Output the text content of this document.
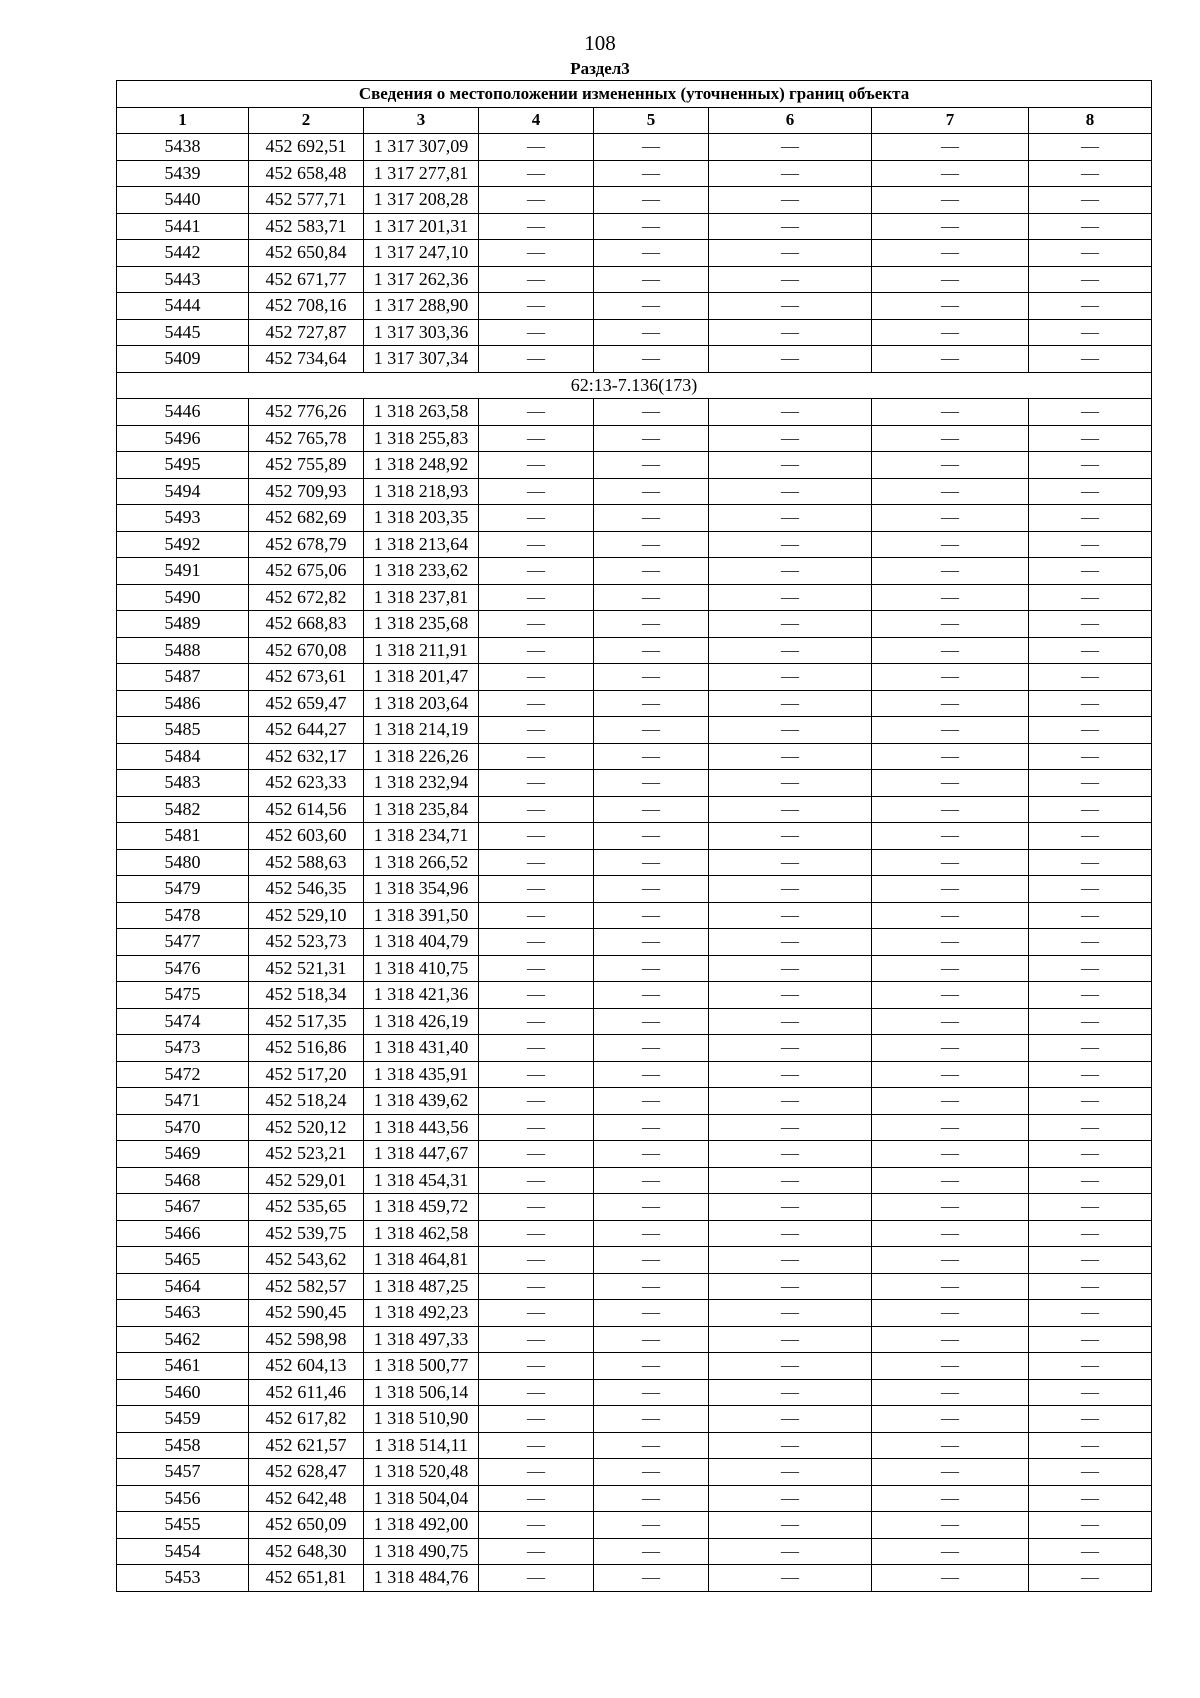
108
Раздел3
Сведения о местоположении измененных (уточненных) границ объекта							
1	2	3	4	5	6	7	8
5438	452 692,51	1 317 307,09	—	—	—	—	—
5439	452 658,48	1 317 277,81	—	—	—	—	—
5440	452 577,71	1 317 208,28	—	—	—	—	—
5441	452 583,71	1 317 201,31	—	—	—	—	—
5442	452 650,84	1 317 247,10	—	—	—	—	—
5443	452 671,77	1 317 262,36	—	—	—	—	—
5444	452 708,16	1 317 288,90	—	—	—	—	—
5445	452 727,87	1 317 303,36	—	—	—	—	—
5409	452 734,64	1 317 307,34	—	—	—	—	—
62:13-7.136(173)							
5446	452 776,26	1 318 263,58	—	—	—	—	—
5496	452 765,78	1 318 255,83	—	—	—	—	—
5495	452 755,89	1 318 248,92	—	—	—	—	—
5494	452 709,93	1 318 218,93	—	—	—	—	—
5493	452 682,69	1 318 203,35	—	—	—	—	—
5492	452 678,79	1 318 213,64	—	—	—	—	—
5491	452 675,06	1 318 233,62	—	—	—	—	—
5490	452 672,82	1 318 237,81	—	—	—	—	—
5489	452 668,83	1 318 235,68	—	—	—	—	—
5488	452 670,08	1 318 211,91	—	—	—	—	—
5487	452 673,61	1 318 201,47	—	—	—	—	—
5486	452 659,47	1 318 203,64	—	—	—	—	—
5485	452 644,27	1 318 214,19	—	—	—	—	—
5484	452 632,17	1 318 226,26	—	—	—	—	—
5483	452 623,33	1 318 232,94	—	—	—	—	—
5482	452 614,56	1 318 235,84	—	—	—	—	—
5481	452 603,60	1 318 234,71	—	—	—	—	—
5480	452 588,63	1 318 266,52	—	—	—	—	—
5479	452 546,35	1 318 354,96	—	—	—	—	—
5478	452 529,10	1 318 391,50	—	—	—	—	—
5477	452 523,73	1 318 404,79	—	—	—	—	—
5476	452 521,31	1 318 410,75	—	—	—	—	—
5475	452 518,34	1 318 421,36	—	—	—	—	—
5474	452 517,35	1 318 426,19	—	—	—	—	—
5473	452 516,86	1 318 431,40	—	—	—	—	—
5472	452 517,20	1 318 435,91	—	—	—	—	—
5471	452 518,24	1 318 439,62	—	—	—	—	—
5470	452 520,12	1 318 443,56	—	—	—	—	—
5469	452 523,21	1 318 447,67	—	—	—	—	—
5468	452 529,01	1 318 454,31	—	—	—	—	—
5467	452 535,65	1 318 459,72	—	—	—	—	—
5466	452 539,75	1 318 462,58	—	—	—	—	—
5465	452 543,62	1 318 464,81	—	—	—	—	—
5464	452 582,57	1 318 487,25	—	—	—	—	—
5463	452 590,45	1 318 492,23	—	—	—	—	—
5462	452 598,98	1 318 497,33	—	—	—	—	—
5461	452 604,13	1 318 500,77	—	—	—	—	—
5460	452 611,46	1 318 506,14	—	—	—	—	—
5459	452 617,82	1 318 510,90	—	—	—	—	—
5458	452 621,57	1 318 514,11	—	—	—	—	—
5457	452 628,47	1 318 520,48	—	—	—	—	—
5456	452 642,48	1 318 504,04	—	—	—	—	—
5455	452 650,09	1 318 492,00	—	—	—	—	—
5454	452 648,30	1 318 490,75	—	—	—	—	—
5453	452 651,81	1 318 484,76	—	—	—	—	—
